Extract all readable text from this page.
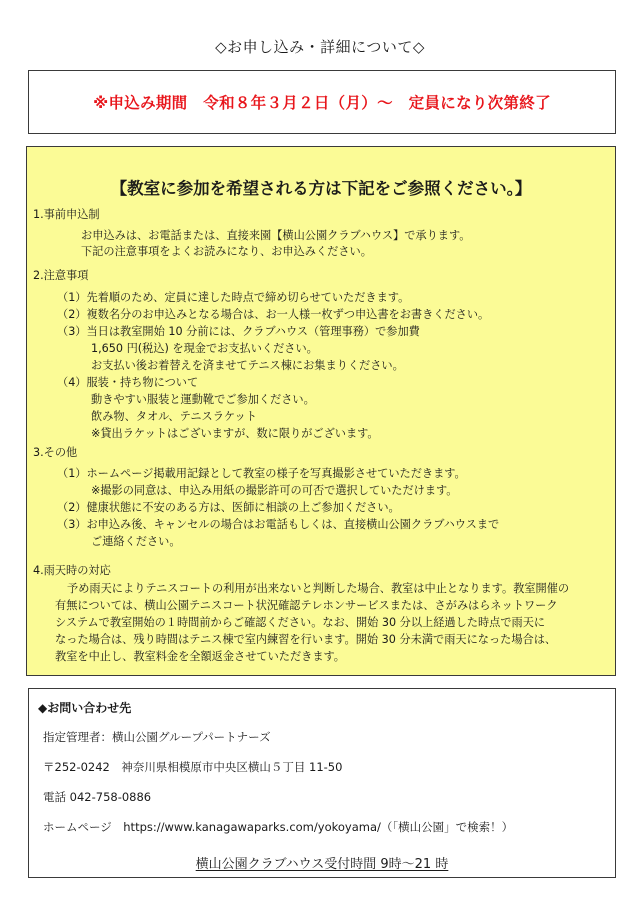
◇お申し込み・詳細について◇
※申込み期間　令和８年３月２日（月）～　定員になり次第終了
【教室に参加を希望される方は下記をご参照ください。】
1.事前申込制
お申込みは、お電話または、直接来園【横山公園クラブハウス】で承ります。
下記の注意事項をよくお読みになり、お申込みください。
2.注意事項
（1）先着順のため、定員に達した時点で締め切らせていただきます。
（2）複数名分のお申込みとなる場合は、お一人様一枚ずつ申込書をお書きください。
（3）当日は教室開始 10 分前には、クラブハウス（管理事務）で参加費
1,650 円(税込) を現金でお支払いください。
お支払い後お着替えを済ませてテニス棟にお集まりください。
（4）服装・持ち物について
動きやすい服装と運動靴でご参加ください。
飲み物、タオル、テニスラケット
※貸出ラケットはございますが、数に限りがございます。
3.その他
（1）ホームページ掲載用記録として教室の様子を写真撮影させていただきます。
※撮影の同意は、申込み用紙の撮影許可の可否で選択していただけます。
（2）健康状態に不安のある方は、医師に相談の上ご参加ください。
（3）お申込み後、キャンセルの場合はお電話もしくは、直接横山公園クラブハウスまで
ご連絡ください。
4.雨天時の対応
予め雨天によりテニスコートの利用が出来ないと判断した場合、教室は中止となります。教室開催の
有無については、横山公園テニスコート状況確認テレホンサービスまたは、さがみはらネットワーク
システムで教室開始の１時間前からご確認ください。なお、開始 30 分以上経過した時点で雨天に
なった場合は、残り時間はテニス棟で室内練習を行います。開始 30 分未満で雨天になった場合は、
教室を中止し、教室料金を全額返金させていただきます。
◆お問い合わせ先
指定管理者：横山公園グループパートナーズ
〒252-0242　神奈川県相模原市中央区横山５丁目 11-50
電話 042-758-0886
ホームページ　https://www.kanagawaparks.com/yokoyama/（「横山公園」で検索！）
横山公園クラブハウス受付時間 9時～21 時
